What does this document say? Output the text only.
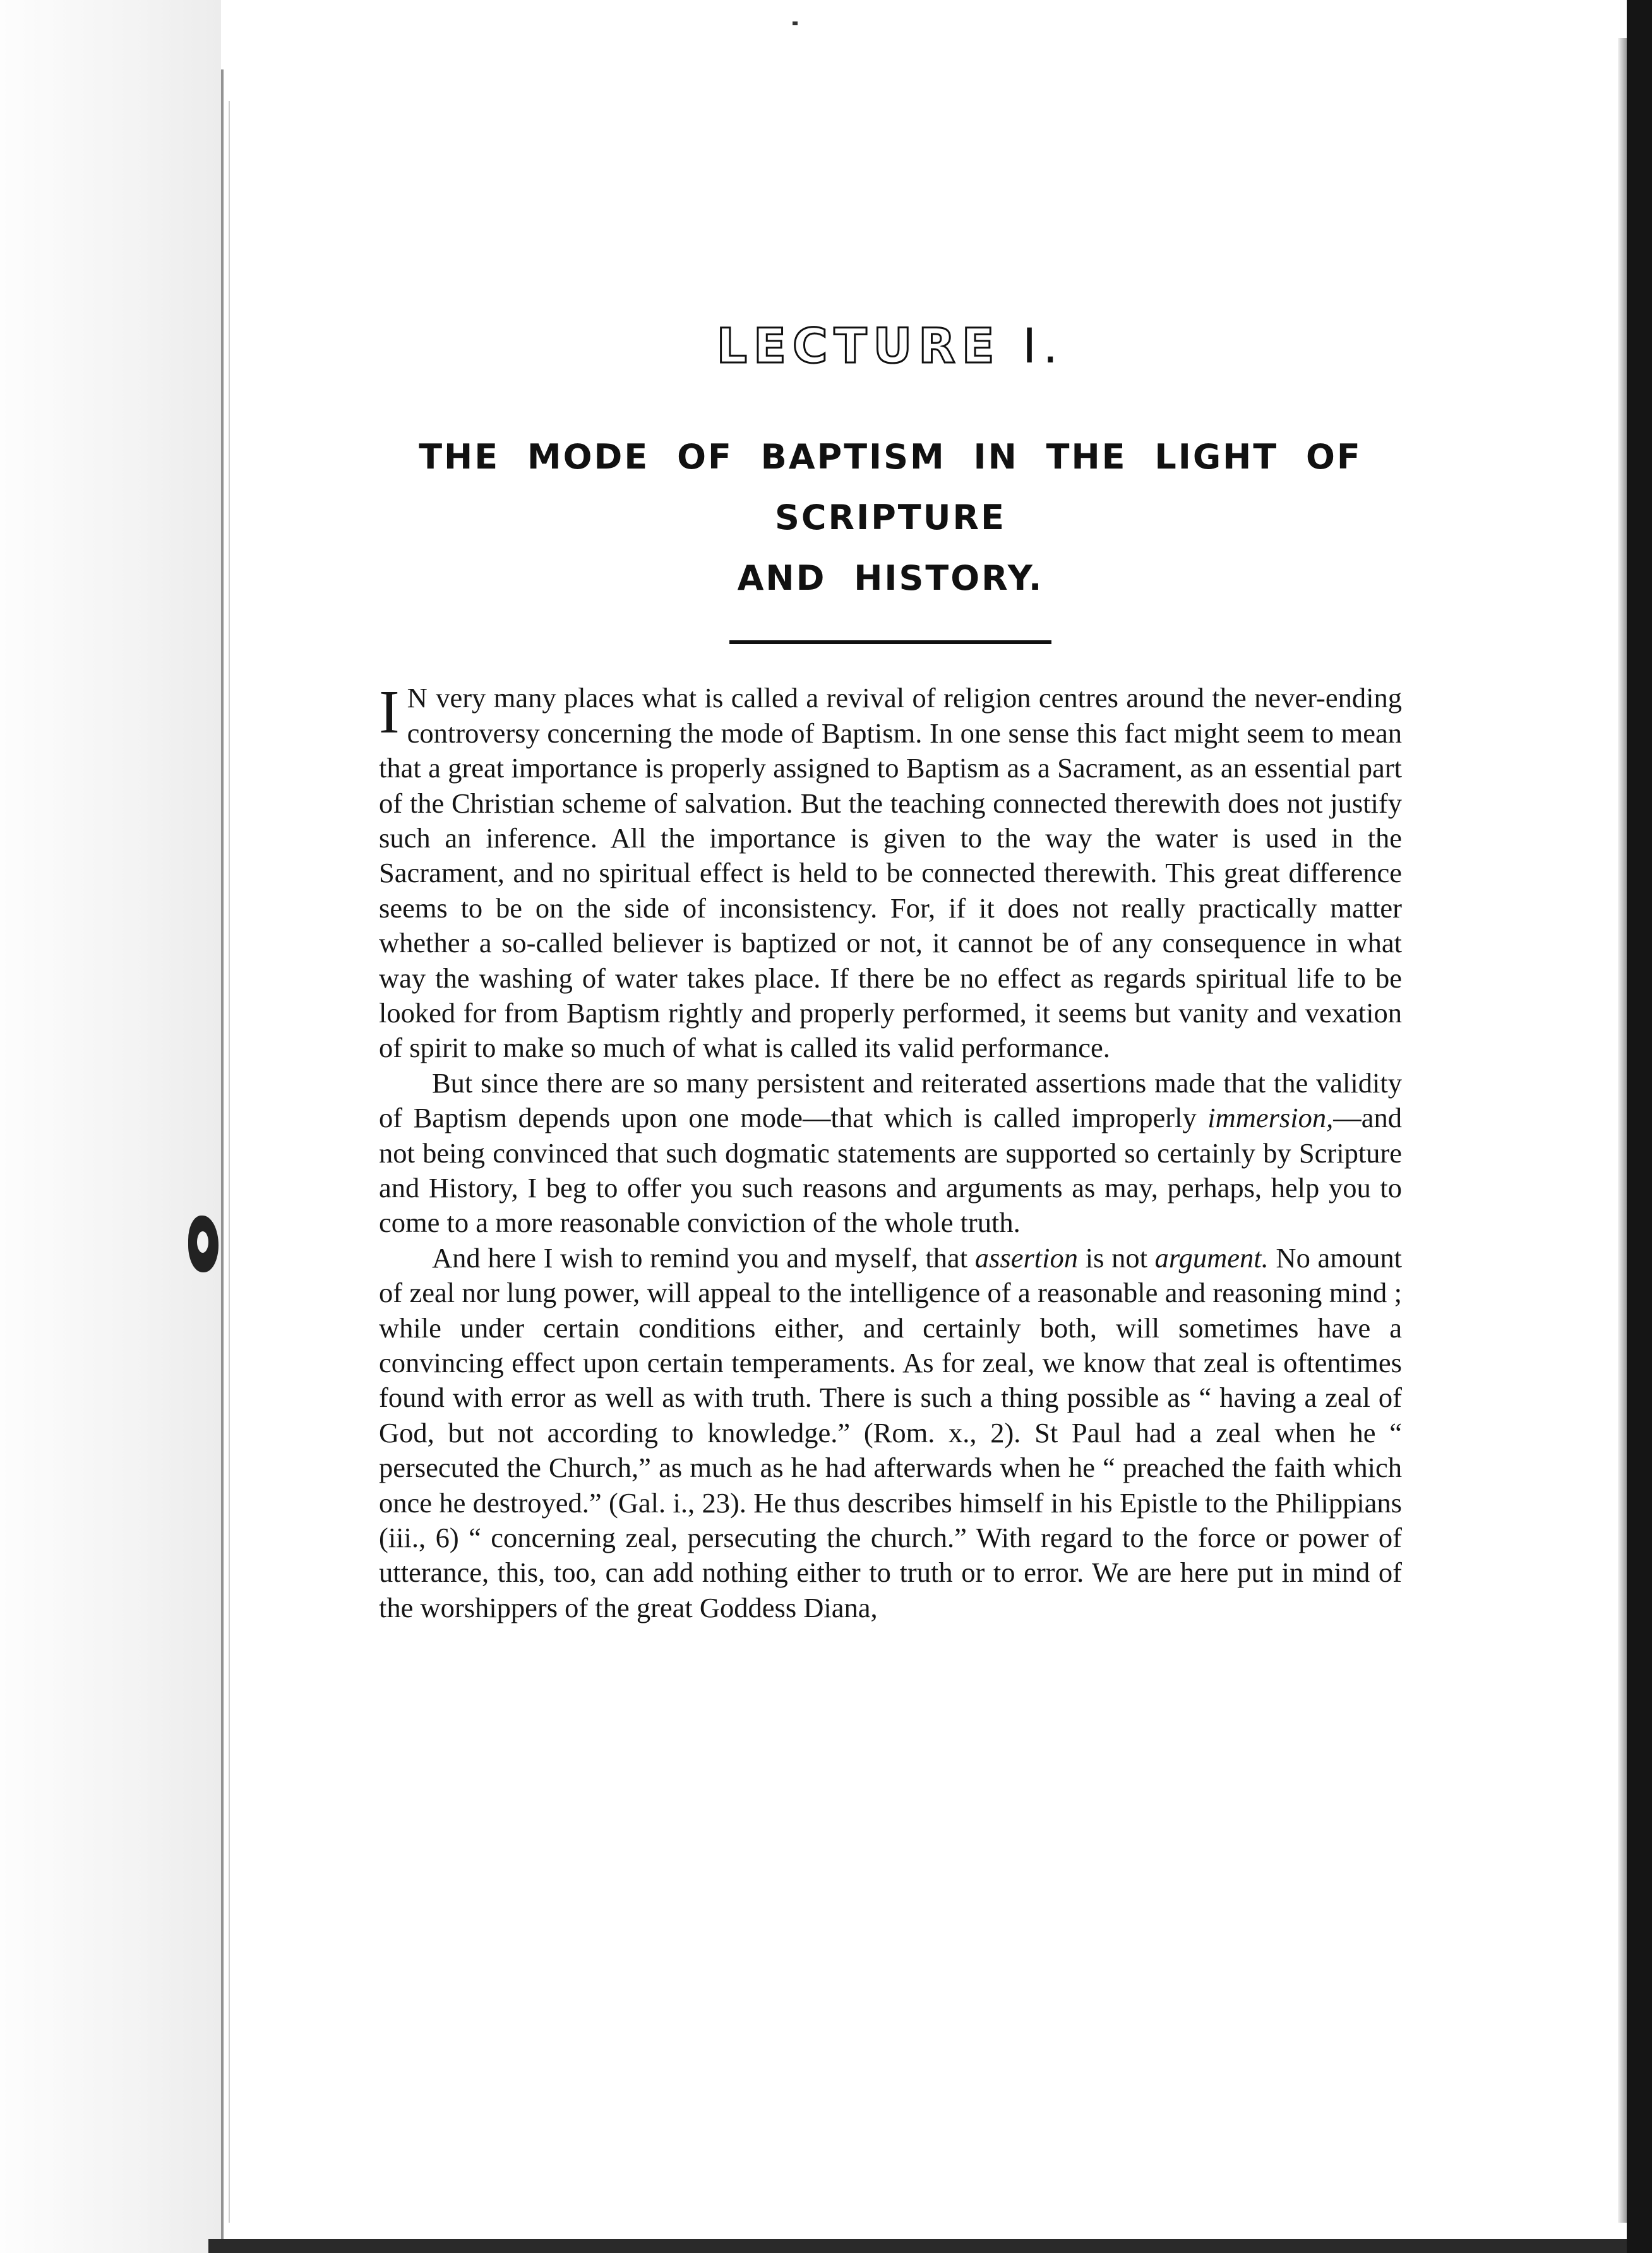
LECTURE I.
THE MODE OF BAPTISM IN THE LIGHT OF SCRIPTURE
AND HISTORY.

I N very many places what is called a revival of religion centres around the never-ending controversy concerning the mode of Baptism. In one sense this fact might seem to mean that a great importance is properly assigned to Baptism as a Sacrament, as an essential part of the Christian scheme of salvation. But the teaching connected therewith does not justify such an inference. All the importance is given to the way the water is used in the Sacrament, and no spiritual effect is held to be connected therewith. This great difference seems to be on the side of inconsistency. For, if it does not really practically matter whether a so-called believer is baptized or not, it cannot be of any consequence in what way the washing of water takes place. If there be no effect as regards spiritual life to be looked for from Baptism rightly and properly performed, it seems but vanity and vexation of spirit to make so much of what is called its valid performance.

But since there are so many persistent and reiterated assertions made that the validity of Baptism depends upon one mode—that which is called improperly immersion,—and not being convinced that such dogmatic statements are supported so certainly by Scripture and History, I beg to offer you such reasons and arguments as may, perhaps, help you to come to a more reasonable conviction of the whole truth.

And here I wish to remind you and myself, that assertion is not argument. No amount of zeal nor lung power, will appeal to the intelligence of a reasonable and reasoning mind ; while under certain conditions either, and certainly both, will sometimes have a convincing effect upon certain temperaments. As for zeal, we know that zeal is oftentimes found with error as well as with truth. There is such a thing possible as “ having a zeal of God, but not according to knowledge.” (Rom. x., 2). St Paul had a zeal when he “ persecuted the Church,” as much as he had afterwards when he “ preached the faith which once he destroyed.” (Gal. i., 23). He thus describes himself in his Epistle to the Philippians (iii., 6) “ concerning zeal, persecuting the church.” With regard to the force or power of utterance, this, too, can add nothing either to truth or to error. We are here put in mind of the worshippers of the great Goddess Diana,
